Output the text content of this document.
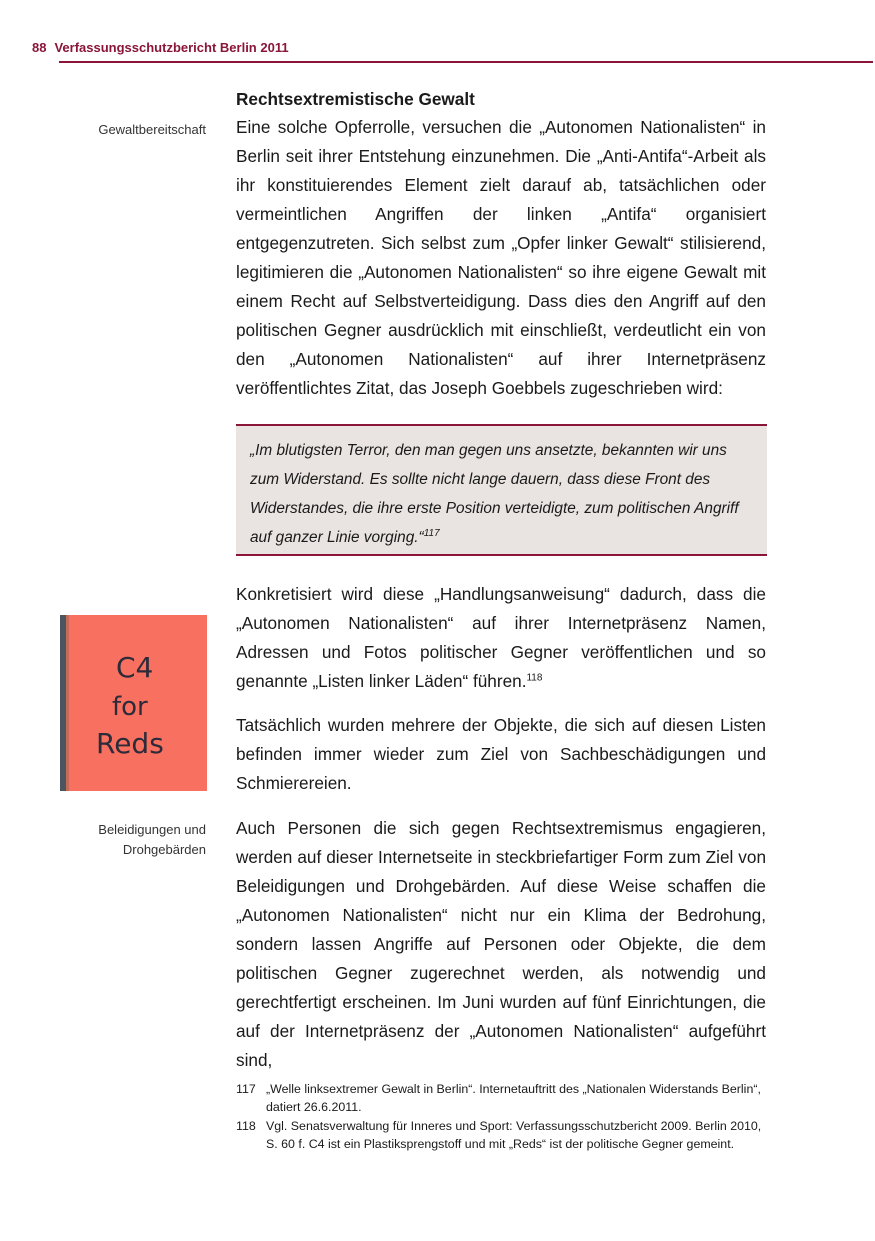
88 Verfassungsschutzbericht Berlin 2011
Rechtsextremistische Gewalt
Gewaltbereitschaft Eine solche Opferrolle, versuchen die „Autonomen Nationalisten“ in Berlin seit ihrer Entstehung einzunehmen. Die „Anti-Antifa“-Arbeit als ihr konstituierendes Element zielt darauf ab, tatsächlichen oder vermeintlichen Angriffen der linken „Antifa“ organisiert entgegenzutreten. Sich selbst zum „Opfer linker Gewalt“ stilisierend, legitimieren die „Autonomen Nationalisten“ so ihre eigene Gewalt mit einem Recht auf Selbstverteidigung. Dass dies den Angriff auf den politischen Gegner ausdrücklich mit einschließt, verdeutlicht ein von den „Autonomen Nationalisten“ auf ihrer Internetpräsenz veröffentlichtes Zitat, das Joseph Goebbels zugeschrieben wird:

„Im blutigsten Terror, den man gegen uns ansetzte, bekannten wir uns zum Widerstand. Es sollte nicht lange dauern, dass diese Front des Widerstandes, die ihre erste Position verteidigte, zum politischen Angriff auf ganzer Linie vorging.“$^{117}$
C4
for
Reds

Konkretisiert wird diese „Handlungsanweisung“ dadurch, dass die „Autonomen Nationalisten“ auf ihrer Internetpräsenz Namen, Adressen und Fotos politischer Gegner veröffentlichen und so genannte „Listen linker Läden“ führen.$^{118}$

Tatsächlich wurden mehrere der Objekte, die sich auf diesen Listen befinden immer wieder zum Ziel von Sachbeschädigungen und Schmierereien.

Beleidigungen und Drohgebärden

Auch Personen die sich gegen Rechtsextremismus engagieren, werden auf dieser Internetseite in steckbriefartiger Form zum Ziel von Beleidigungen und Drohgebärden. Auf diese Weise schaffen die „Autonomen Nationalisten“ nicht nur ein Klima der Bedrohung, sondern lassen Angriffe auf Personen oder Objekte, die dem politischen Gegner zugerechnet werden, als notwendig und gerechtfertigt erscheinen. Im Juni wurden auf fünf Einrichtungen, die auf der Internetpräsenz der „Autonomen Nationalisten“ aufgeführt sind,

117 „Welle linksextremer Gewalt in Berlin“. Internetauftritt des „Nationalen Widerstands Berlin“, datiert 26.6.2011.
118 Vgl. Senatsverwaltung für Inneres und Sport: Verfassungsschutzbericht 2009. Berlin 2010, S. 60 f. C4 ist ein Plastiksprengstoff und mit „Reds“ ist der politische Gegner gemeint.
